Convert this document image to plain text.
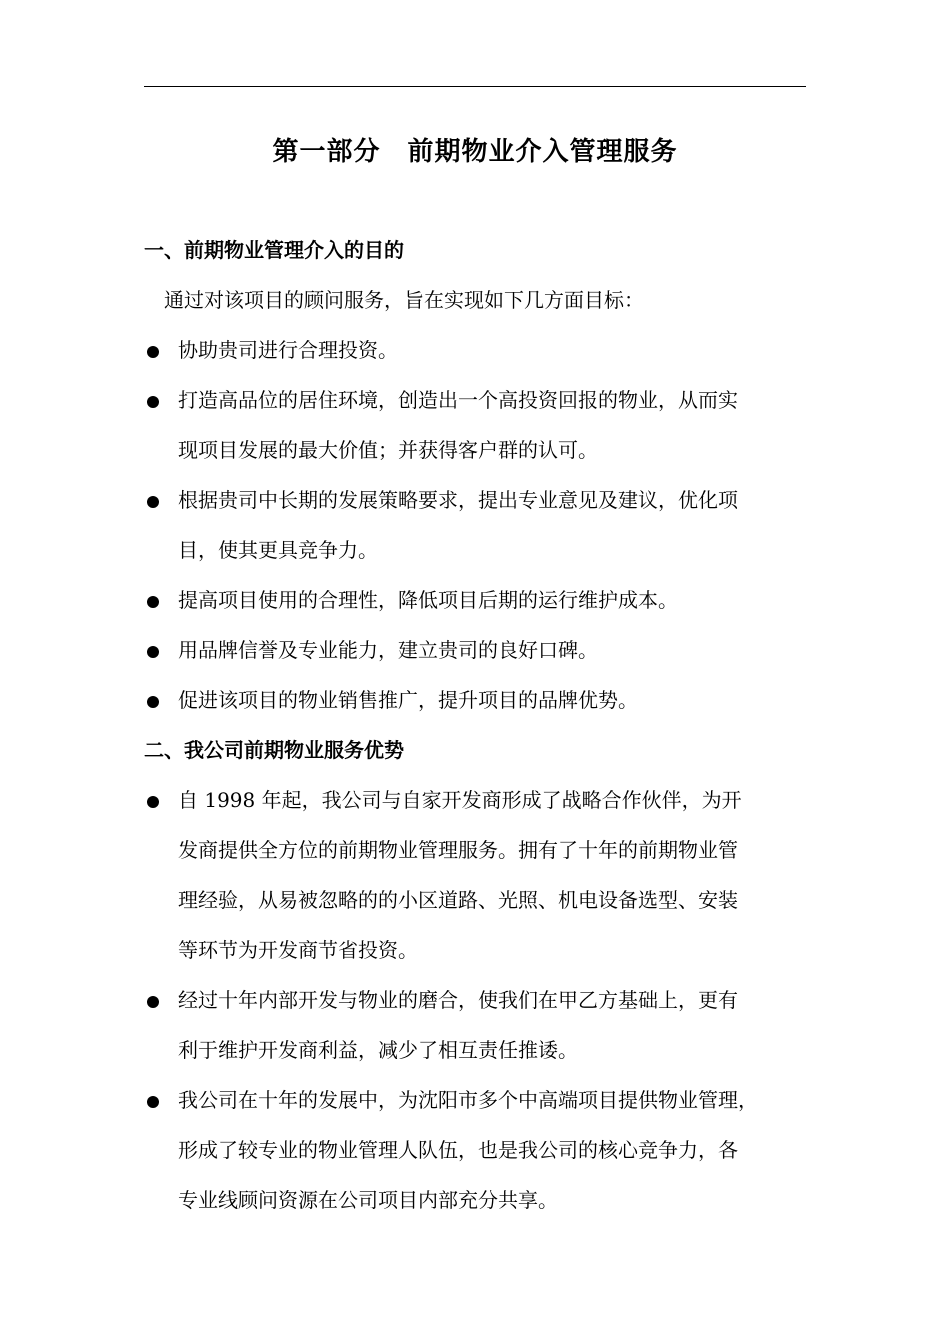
第一部分　前期物业介入管理服务
一、前期物业管理介入的目的
通过对该项目的顾问服务，旨在实现如下几方面目标：
协助贵司进行合理投资。
打造高品位的居住环境，创造出一个高投资回报的物业，从而实
现项目发展的最大价值；并获得客户群的认可。
根据贵司中长期的发展策略要求，提出专业意见及建议，优化项
目，使其更具竞争力。
提高项目使用的合理性，降低项目后期的运行维护成本。
用品牌信誉及专业能力，建立贵司的良好口碑。
促进该项目的物业销售推广，提升项目的品牌优势。
二、我公司前期物业服务优势
自 1998 年起，我公司与自家开发商形成了战略合作伙伴，为开
发商提供全方位的前期物业管理服务。拥有了十年的前期物业管
理经验，从易被忽略的的小区道路、光照、机电设备选型、安装
等环节为开发商节省投资。
经过十年内部开发与物业的磨合，使我们在甲乙方基础上，更有
利于维护开发商利益，减少了相互责任推诿。
我公司在十年的发展中，为沈阳市多个中高端项目提供物业管理，
形成了较专业的物业管理人队伍，也是我公司的核心竞争力，各
专业线顾问资源在公司项目内部充分共享。
